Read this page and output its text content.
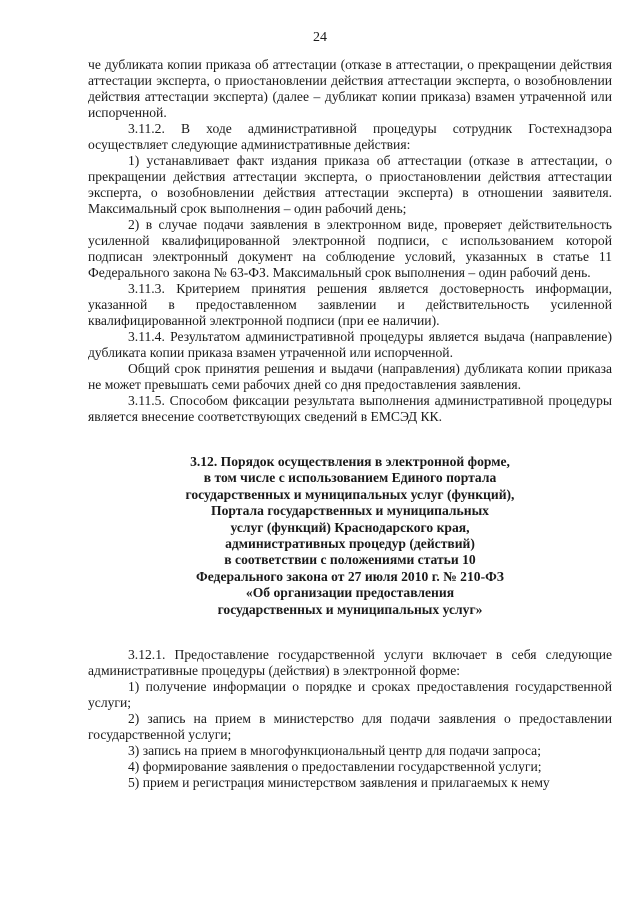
24

че дубликата копии приказа об аттестации (отказе в аттестации, о прекращении действия аттестации эксперта, о приостановлении действия аттестации эксперта, о возобновлении действия аттестации эксперта) (далее – дубликат копии приказа) взамен утраченной или испорченной.

3.11.2. В ходе административной процедуры сотрудник Гостехнадзора осуществляет следующие административные действия:

1) устанавливает факт издания приказа об аттестации (отказе в аттестации, о прекращении действия аттестации эксперта, о приостановлении действия аттестации эксперта, о возобновлении действия аттестации эксперта) в отношении заявителя. Максимальный срок выполнения – один рабочий день;

2) в случае подачи заявления в электронном виде, проверяет действительность усиленной квалифицированной электронной подписи, с использованием которой подписан электронный документ на соблюдение условий, указанных в статье 11 Федерального закона № 63-ФЗ. Максимальный срок выполнения – один рабочий день.

3.11.3. Критерием принятия решения является достоверность информации, указанной в предоставленном заявлении и действительность усиленной квалифицированной электронной подписи (при ее наличии).

3.11.4. Результатом административной процедуры является выдача (направление) дубликата копии приказа взамен утраченной или испорченной.

Общий срок принятия решения и выдачи (направления) дубликата копии приказа не может превышать семи рабочих дней со дня предоставления заявления.

3.11.5. Способом фиксации результата выполнения административной процедуры является внесение соответствующих сведений в ЕМСЭД КК.

3.12. Порядок осуществления в электронной форме,
в том числе с использованием Единого портала
государственных и муниципальных услуг (функций),
Портала государственных и муниципальных
услуг (функций) Краснодарского края,
административных процедур (действий)
в соответствии с положениями статьи 10
Федерального закона от 27 июля 2010 г. № 210-ФЗ
«Об организации предоставления
государственных и муниципальных услуг»

3.12.1. Предоставление государственной услуги включает в себя следующие административные процедуры (действия) в электронной форме:

1) получение информации о порядке и сроках предоставления государственной услуги;

2) запись на прием в министерство для подачи заявления о предоставлении государственной услуги;

3) запись на прием в многофункциональный центр для подачи запроса;

4) формирование заявления о предоставлении государственной услуги;

5) прием и регистрация министерством заявления и прилагаемых к нему
